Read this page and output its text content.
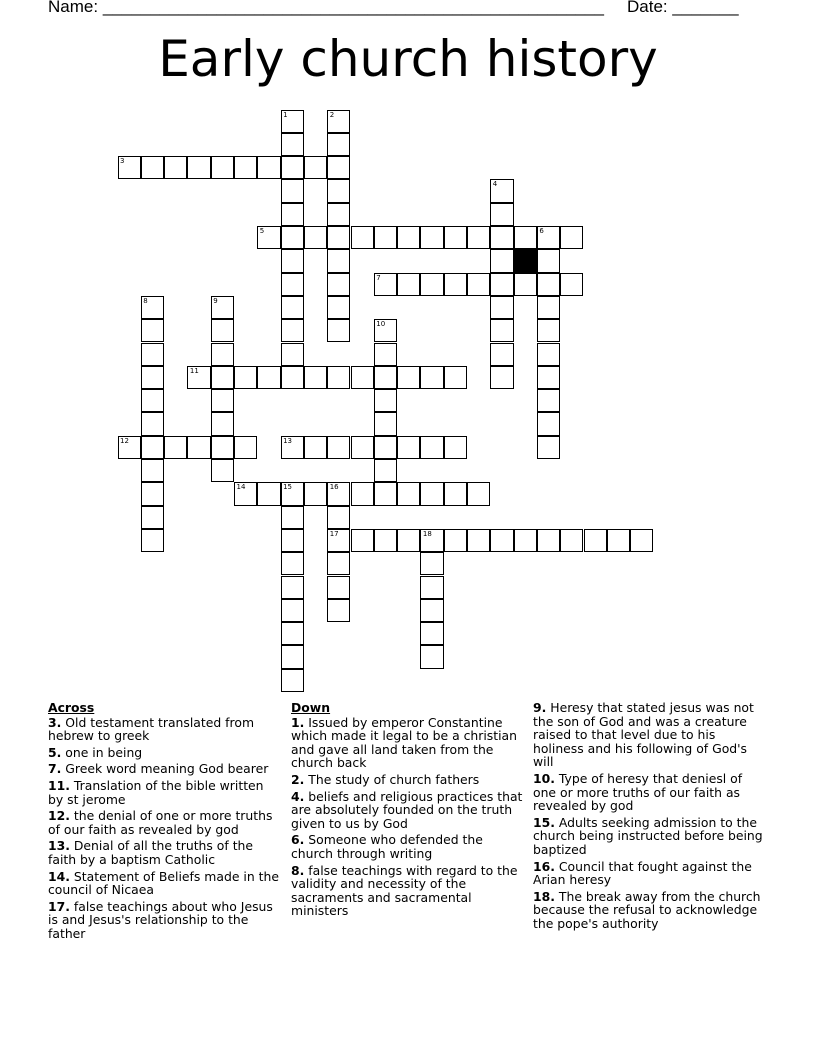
Name: _____________________________________________________ Date: _______
Early church history
1	2
3
4
5	6
7
8	9
10
11
12	13
14	15	16
17	18
Across
3. Old testament translated from hebrew to greek
5. one in being
7. Greek word meaning God bearer
11. Translation of the bible written by st jerome
12. the denial of one or more truths of our faith as revealed by god
13. Denial of all the truths of the faith by a baptism Catholic
14. Statement of Beliefs made in the council of Nicaea
17. false teachings about who Jesus is and Jesus's relationship to the father
Down
1. Issued by emperor Constantine which made it legal to be a christian and gave all land taken from the church back
2. The study of church fathers
4. beliefs and religious practices that are absolutely founded on the truth given to us by God
6. Someone who defended the church through writing
8. false teachings with regard to the validity and necessity of the sacraments and sacramental ministers
9. Heresy that stated jesus was not the son of God and was a creature raised to that level due to his holiness and his following of God's will
10. Type of heresy that deniesl of one or more truths of our faith as revealed by god
15. Adults seeking admission to the church being instructed before being baptized
16. Council that fought against the Arian heresy
18. The break away from the church because the refusal to acknowledge the pope's authority
